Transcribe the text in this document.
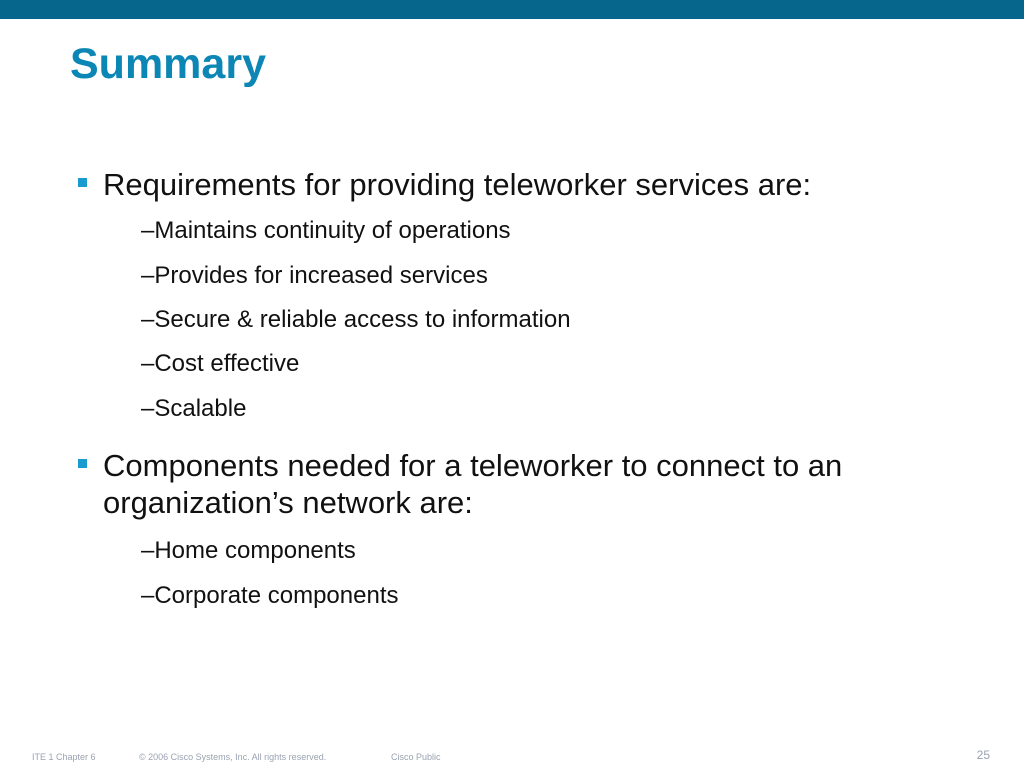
Summary
Requirements for providing teleworker services are:
–Maintains continuity of operations
–Provides for increased services
–Secure & reliable access to information
–Cost effective
–Scalable
Components needed for a teleworker to connect to an organization’s network are:
–Home components
–Corporate components
ITE 1 Chapter 6	© 2006 Cisco Systems, Inc. All rights reserved.	Cisco Public	25
